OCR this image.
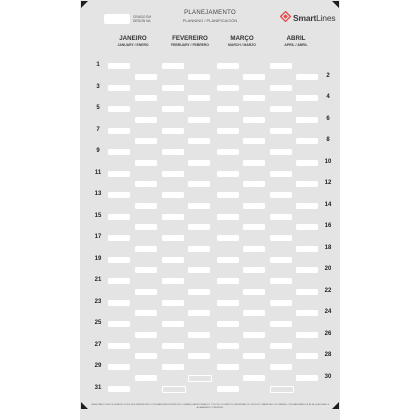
CRIADO EM
DESIGN NA
PLANEJAMENTO
PLANNING / PLANIFICACIÓN	SmartLines
JANEIRO
JANUARY / ENERO
FEVEREIRO
FEBRUARY / FEBRERO
MARÇO
MARCH / MARZO
ABRIL
APRIL / ABRIL
1
2
3
4
5
6
7
8
9
10
11
12
13
14
15
16
17
18
19
20
21
22
23
24
25
26
27
28
29
30
31
CADA CAMPO DESTE QUADRO PODE SER PREENCHIDO COM MARCADOR ESPECÍFICO PARA QUADRO BRANCO. TODOS OS DIREITOS RESERVADOS. PRODUTO FABRICADO NO BRASIL COM MATERIAIS DE ALTA QUALIDADE E ACABAMENTO PREMIUM.
